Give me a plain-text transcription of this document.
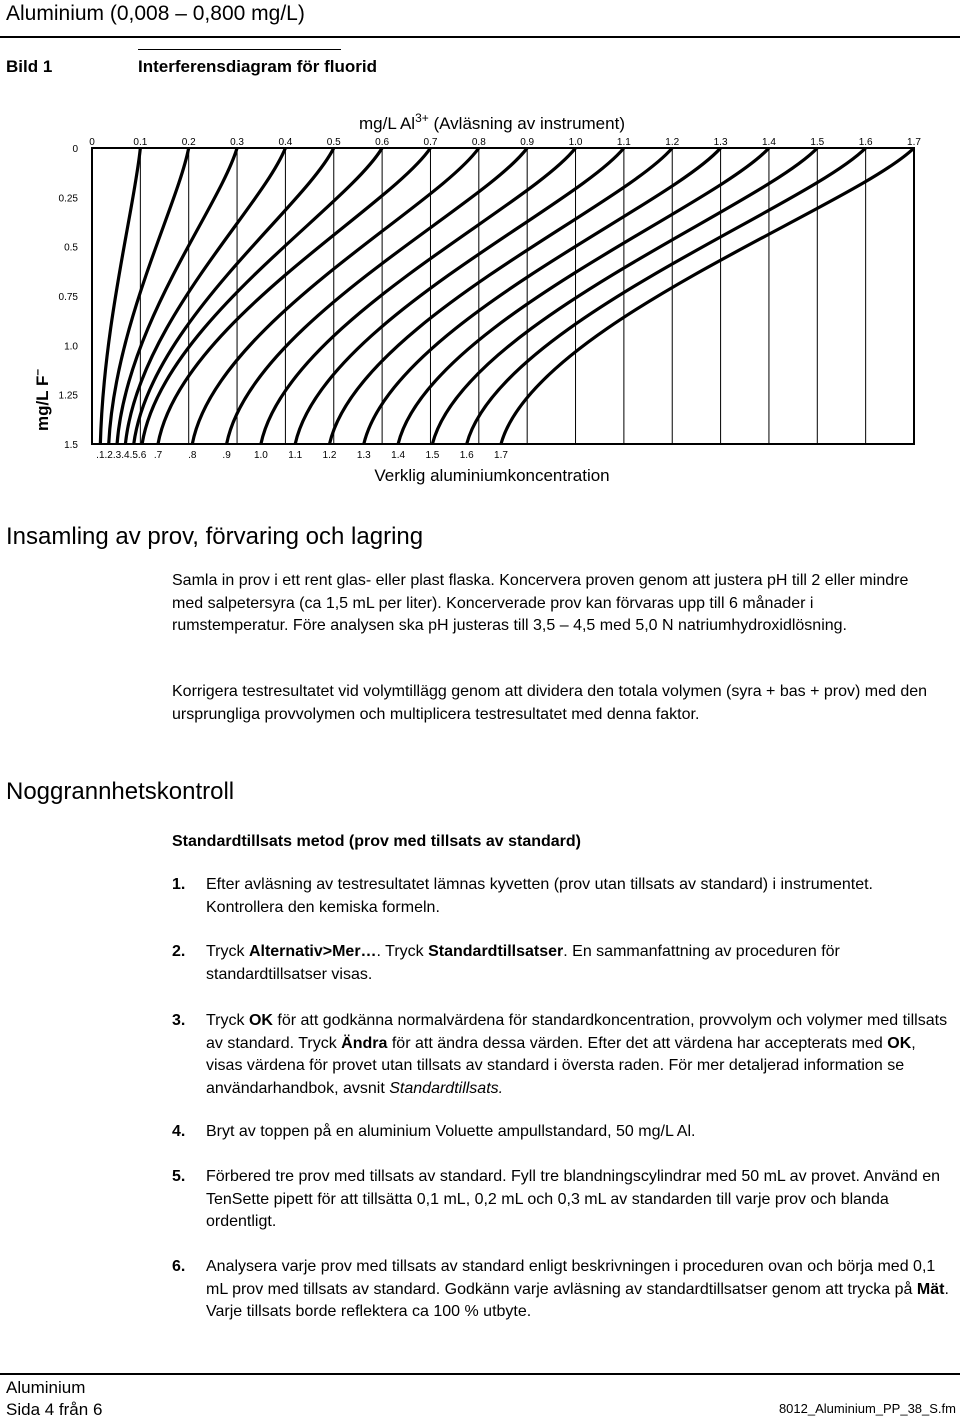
Aluminium (0,008 – 0,800 mg/L)
Bild 1	Interferensdiagram för fluorid
mg/L $Al^{3+}$ (Avläsning av instrument)
mg/L F–
Verklig aluminiumkoncentration
0	0.1	0.2	0.3	0.4	0.5	0.6	0.7	0.8	0.9	1.0	1.1	1.2	1.3	1.4	1.5	1.6	1.7
0
0.25
0.5
0.75
1.0
1.25
1.5
.1 .2 .3 .4 .5 .6 .7	.8	.9 1.0 1.1 1.2 1.3 1.4 1.5 1.6 1.7
Insamling av prov, förvaring och lagring
Samla in prov i ett rent glas- eller plast flaska. Koncervera proven genom att justera pH till 2 eller mindre med salpetersyra (ca 1,5 mL per liter). Koncerverade prov kan förvaras upp till 6 månader i rumstemperatur. Före analysen ska pH justeras till 3,5 – 4,5 med 5,0 N natriumhydroxidlösning.
Korrigera testresultatet vid volymtillägg genom att dividera den totala volymen (syra + bas + prov) med den ursprungliga provvolymen och multiplicera testresultatet med denna faktor.
Noggrannhetskontroll
Standardtillsats metod (prov med tillsats av standard)
1. Efter avläsning av testresultatet lämnas kyvetten (prov utan tillsats av standard) i instrumentet. Kontrollera den kemiska formeln.
2. Tryck Alternativ>Mer…. Tryck Standardtillsatser. En sammanfattning av proceduren för standardtillsatser visas.
3. Tryck OK för att godkänna normalvärdena för standardkoncentration, provvolym och volymer med tillsats av standard. Tryck Ändra för att ändra dessa värden. Efter det att värdena har accepterats med OK, visas värdena för provet utan tillsats av standard i översta raden. För mer detaljerad information se användarhandbok, avsnit Standardtillsats.
4. Bryt av toppen på en aluminium Voluette ampullstandard, 50 mg/L Al.
5. Förbered tre prov med tillsats av standard. Fyll tre blandningscylindrar med 50 mL av provet. Använd en TenSette pipett för att tillsätta 0,1 mL, 0,2 mL och 0,3 mL av standarden till varje prov och blanda ordentligt.
6. Analysera varje prov med tillsats av standard enligt beskrivningen i proceduren ovan och börja med 0,1 mL prov med tillsats av standard. Godkänn varje avläsning av standardtillsatser genom att trycka på Mät. Varje tillsats borde reflektera ca 100 % utbyte.
Aluminium
Sida 4 från 6	8012_Aluminium_PP_38_S.fm
